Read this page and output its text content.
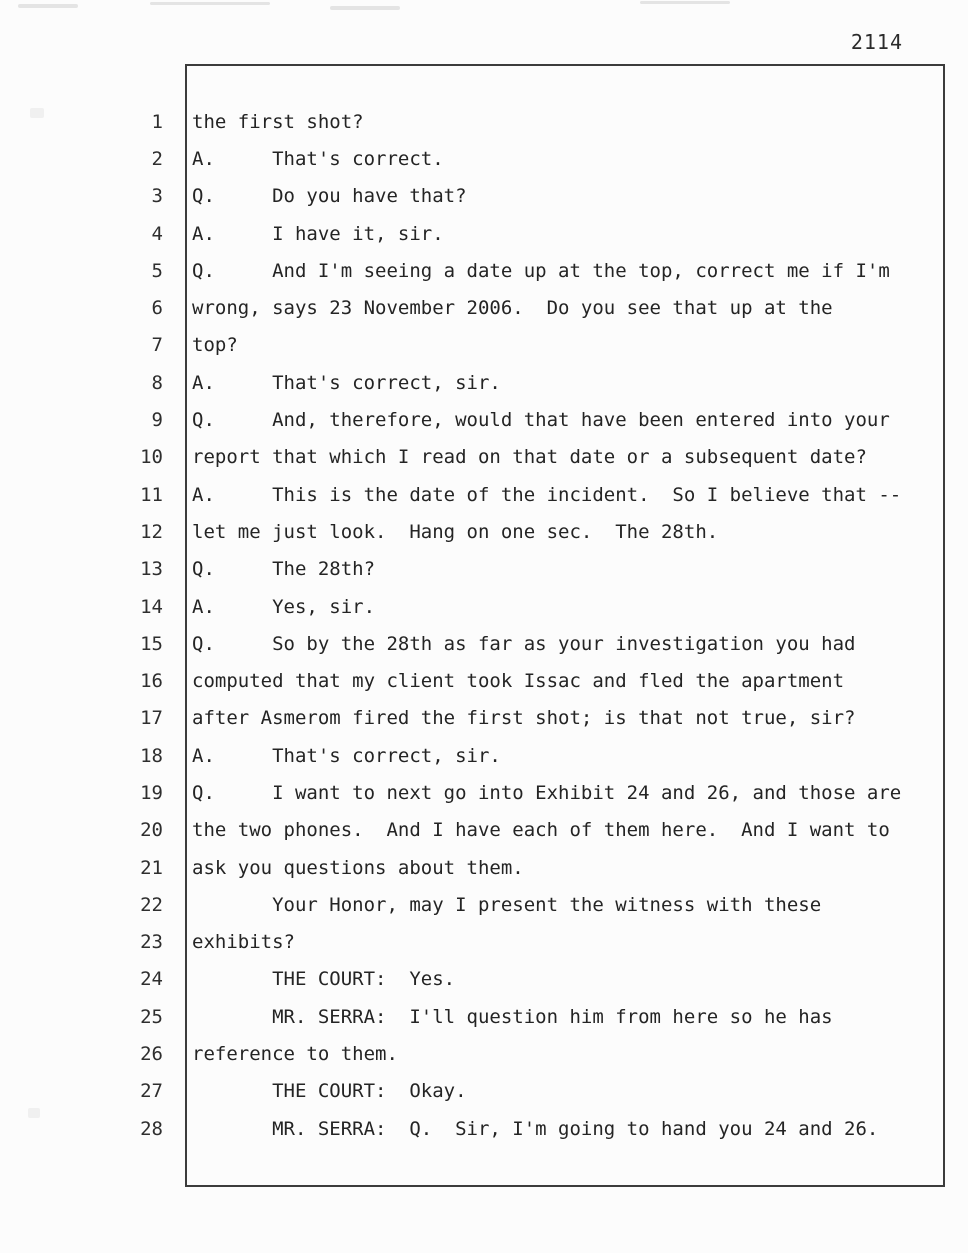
2114
1	the first shot?
2	A.     That's correct.
3	Q.     Do you have that?
4	A.     I have it, sir.
5	Q.     And I'm seeing a date up at the top, correct me if I'm
6	wrong, says 23 November 2006.  Do you see that up at the
7	top?
8	A.     That's correct, sir.
9	Q.     And, therefore, would that have been entered into your
10	report that which I read on that date or a subsequent date?
11	A.     This is the date of the incident.  So I believe that --
12	let me just look.  Hang on one sec.  The 28th.
13	Q.     The 28th?
14	A.     Yes, sir.
15	Q.     So by the 28th as far as your investigation you had
16	computed that my client took Issac and fled the apartment
17	after Asmerom fired the first shot; is that not true, sir?
18	A.     That's correct, sir.
19	Q.     I want to next go into Exhibit 24 and 26, and those are
20	the two phones.  And I have each of them here.  And I want to
21	ask you questions about them.
22	Your Honor, may I present the witness with these
23	exhibits?
24	THE COURT:  Yes.
25	MR. SERRA:  I'll question him from here so he has
26	reference to them.
27	THE COURT:  Okay.
28	MR. SERRA:  Q.  Sir, I'm going to hand you 24 and 26.
